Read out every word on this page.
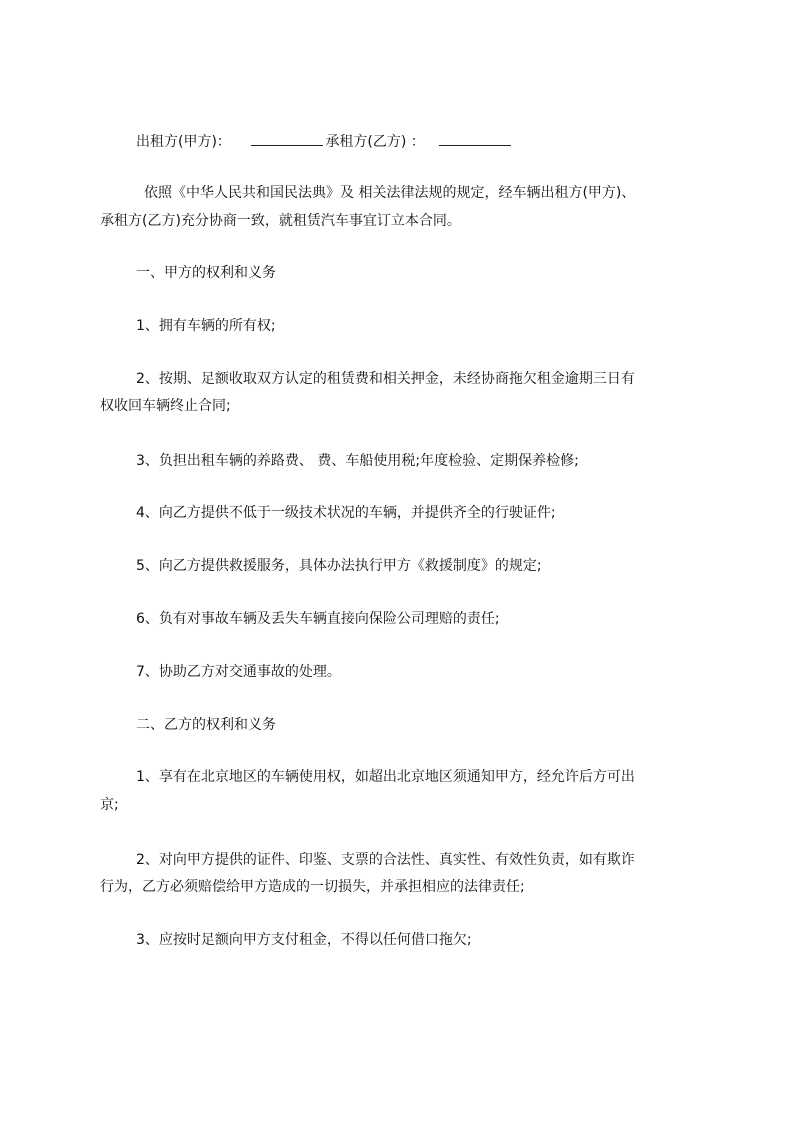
出租方(甲方)：	承租方(乙方) ：
依照《中华人民共和国民法典》及 相关法律法规的规定，经车辆出租方(甲方)、
承租方(乙方)充分协商一致，就租赁汽车事宜订立本合同。
一、甲方的权利和义务
1、拥有车辆的所有权;
2、按期、足额收取双方认定的租赁费和相关押金，未经协商拖欠租金逾期三日有
权收回车辆终止合同;
3、负担出租车辆的养路费、 费、车船使用税;年度检验、定期保养检修;
4、向乙方提供不低于一级技术状况的车辆，并提供齐全的行驶证件;
5、向乙方提供救援服务，具体办法执行甲方《救援制度》的规定;
6、负有对事故车辆及丢失车辆直接向保险公司理赔的责任;
7、协助乙方对交通事故的处理。
二、乙方的权利和义务
1、享有在北京地区的车辆使用权，如超出北京地区须通知甲方，经允许后方可出
京;
2、对向甲方提供的证件、印鉴、支票的合法性、真实性、有效性负责，如有欺诈
行为，乙方必须赔偿给甲方造成的一切损失，并承担相应的法律责任;
3、应按时足额向甲方支付租金，不得以任何借口拖欠;
